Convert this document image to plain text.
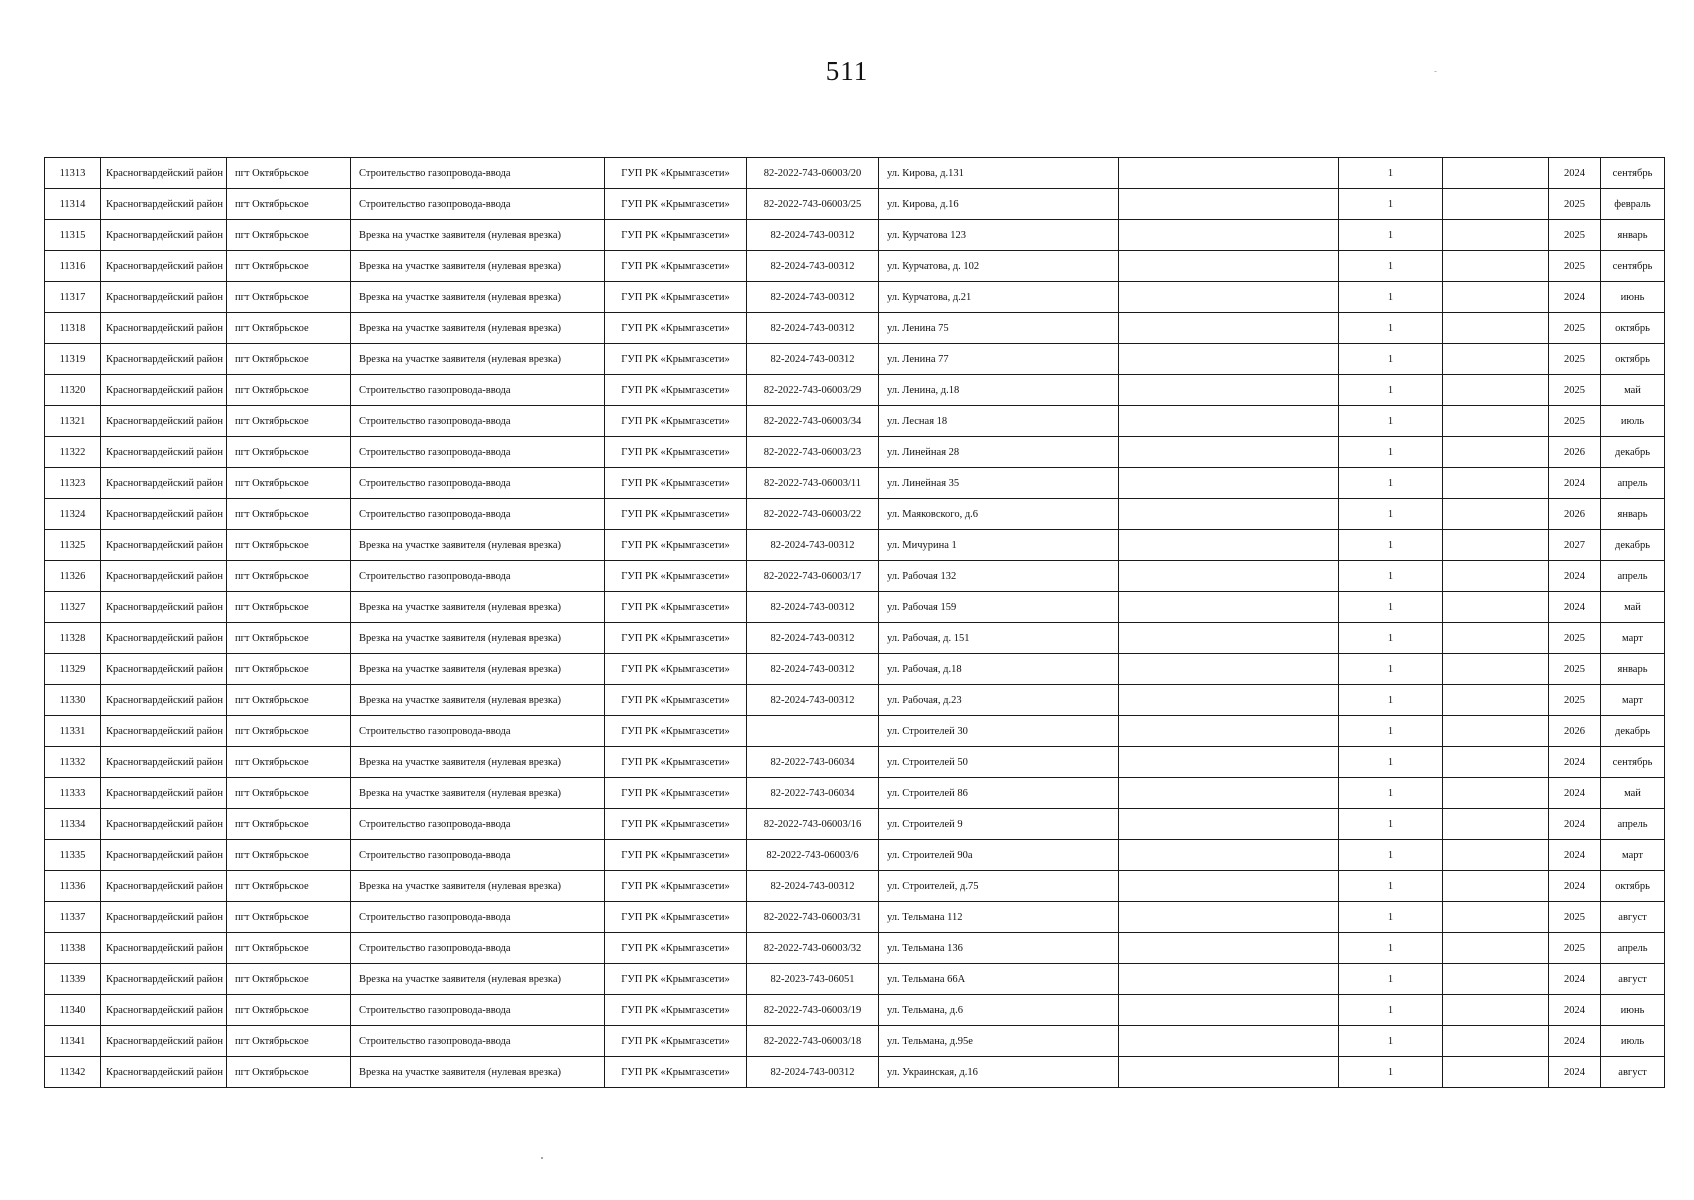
511
11313	Красногвардейский район	пгт Октябрьское	Строительство газопровода-ввода	ГУП РК «Крымгазсети»	82-2022-743-06003/20	ул. Кирова, д.131		1		2024	сентябрь
11314	Красногвардейский район	пгт Октябрьское	Строительство газопровода-ввода	ГУП РК «Крымгазсети»	82-2022-743-06003/25	ул. Кирова, д.16		1		2025	февраль
11315	Красногвардейский район	пгт Октябрьское	Врезка на участке заявителя (нулевая врезка)	ГУП РК «Крымгазсети»	82-2024-743-00312	ул. Курчатова 123		1		2025	январь
11316	Красногвардейский район	пгт Октябрьское	Врезка на участке заявителя (нулевая врезка)	ГУП РК «Крымгазсети»	82-2024-743-00312	ул. Курчатова, д. 102		1		2025	сентябрь
11317	Красногвардейский район	пгт Октябрьское	Врезка на участке заявителя (нулевая врезка)	ГУП РК «Крымгазсети»	82-2024-743-00312	ул. Курчатова, д.21		1		2024	июнь
11318	Красногвардейский район	пгт Октябрьское	Врезка на участке заявителя (нулевая врезка)	ГУП РК «Крымгазсети»	82-2024-743-00312	ул. Ленина 75		1		2025	октябрь
11319	Красногвардейский район	пгт Октябрьское	Врезка на участке заявителя (нулевая врезка)	ГУП РК «Крымгазсети»	82-2024-743-00312	ул. Ленина 77		1		2025	октябрь
11320	Красногвардейский район	пгт Октябрьское	Строительство газопровода-ввода	ГУП РК «Крымгазсети»	82-2022-743-06003/29	ул. Ленина, д.18		1		2025	май
11321	Красногвардейский район	пгт Октябрьское	Строительство газопровода-ввода	ГУП РК «Крымгазсети»	82-2022-743-06003/34	ул. Лесная 18		1		2025	июль
11322	Красногвардейский район	пгт Октябрьское	Строительство газопровода-ввода	ГУП РК «Крымгазсети»	82-2022-743-06003/23	ул. Линейная 28		1		2026	декабрь
11323	Красногвардейский район	пгт Октябрьское	Строительство газопровода-ввода	ГУП РК «Крымгазсети»	82-2022-743-06003/11	ул. Линейная 35		1		2024	апрель
11324	Красногвардейский район	пгт Октябрьское	Строительство газопровода-ввода	ГУП РК «Крымгазсети»	82-2022-743-06003/22	ул. Маяковского, д.6		1		2026	январь
11325	Красногвардейский район	пгт Октябрьское	Врезка на участке заявителя (нулевая врезка)	ГУП РК «Крымгазсети»	82-2024-743-00312	ул. Мичурина 1		1		2027	декабрь
11326	Красногвардейский район	пгт Октябрьское	Строительство газопровода-ввода	ГУП РК «Крымгазсети»	82-2022-743-06003/17	ул. Рабочая 132		1		2024	апрель
11327	Красногвардейский район	пгт Октябрьское	Врезка на участке заявителя (нулевая врезка)	ГУП РК «Крымгазсети»	82-2024-743-00312	ул. Рабочая 159		1		2024	май
11328	Красногвардейский район	пгт Октябрьское	Врезка на участке заявителя (нулевая врезка)	ГУП РК «Крымгазсети»	82-2024-743-00312	ул. Рабочая, д. 151		1		2025	март
11329	Красногвардейский район	пгт Октябрьское	Врезка на участке заявителя (нулевая врезка)	ГУП РК «Крымгазсети»	82-2024-743-00312	ул. Рабочая, д.18		1		2025	январь
11330	Красногвардейский район	пгт Октябрьское	Врезка на участке заявителя (нулевая врезка)	ГУП РК «Крымгазсети»	82-2024-743-00312	ул. Рабочая, д.23		1		2025	март
11331	Красногвардейский район	пгт Октябрьское	Строительство газопровода-ввода	ГУП РК «Крымгазсети»		ул. Строителей 30		1		2026	декабрь
11332	Красногвардейский район	пгт Октябрьское	Врезка на участке заявителя (нулевая врезка)	ГУП РК «Крымгазсети»	82-2022-743-06034	ул. Строителей 50		1		2024	сентябрь
11333	Красногвардейский район	пгт Октябрьское	Врезка на участке заявителя (нулевая врезка)	ГУП РК «Крымгазсети»	82-2022-743-06034	ул. Строителей 86		1		2024	май
11334	Красногвардейский район	пгт Октябрьское	Строительство газопровода-ввода	ГУП РК «Крымгазсети»	82-2022-743-06003/16	ул. Строителей 9		1		2024	апрель
11335	Красногвардейский район	пгт Октябрьское	Строительство газопровода-ввода	ГУП РК «Крымгазсети»	82-2022-743-06003/6	ул. Строителей 90а		1		2024	март
11336	Красногвардейский район	пгт Октябрьское	Врезка на участке заявителя (нулевая врезка)	ГУП РК «Крымгазсети»	82-2024-743-00312	ул. Строителей, д.75		1		2024	октябрь
11337	Красногвардейский район	пгт Октябрьское	Строительство газопровода-ввода	ГУП РК «Крымгазсети»	82-2022-743-06003/31	ул. Тельмана 112		1		2025	август
11338	Красногвардейский район	пгт Октябрьское	Строительство газопровода-ввода	ГУП РК «Крымгазсети»	82-2022-743-06003/32	ул. Тельмана 136		1		2025	апрель
11339	Красногвардейский район	пгт Октябрьское	Врезка на участке заявителя (нулевая врезка)	ГУП РК «Крымгазсети»	82-2023-743-06051	ул. Тельмана 66А		1		2024	август
11340	Красногвардейский район	пгт Октябрьское	Строительство газопровода-ввода	ГУП РК «Крымгазсети»	82-2022-743-06003/19	ул. Тельмана, д.6		1		2024	июнь
11341	Красногвардейский район	пгт Октябрьское	Строительство газопровода-ввода	ГУП РК «Крымгазсети»	82-2022-743-06003/18	ул. Тельмана, д.95е		1		2024	июль
11342	Красногвардейский район	пгт Октябрьское	Врезка на участке заявителя (нулевая врезка)	ГУП РК «Крымгазсети»	82-2024-743-00312	ул. Украинская, д.16		1		2024	август
